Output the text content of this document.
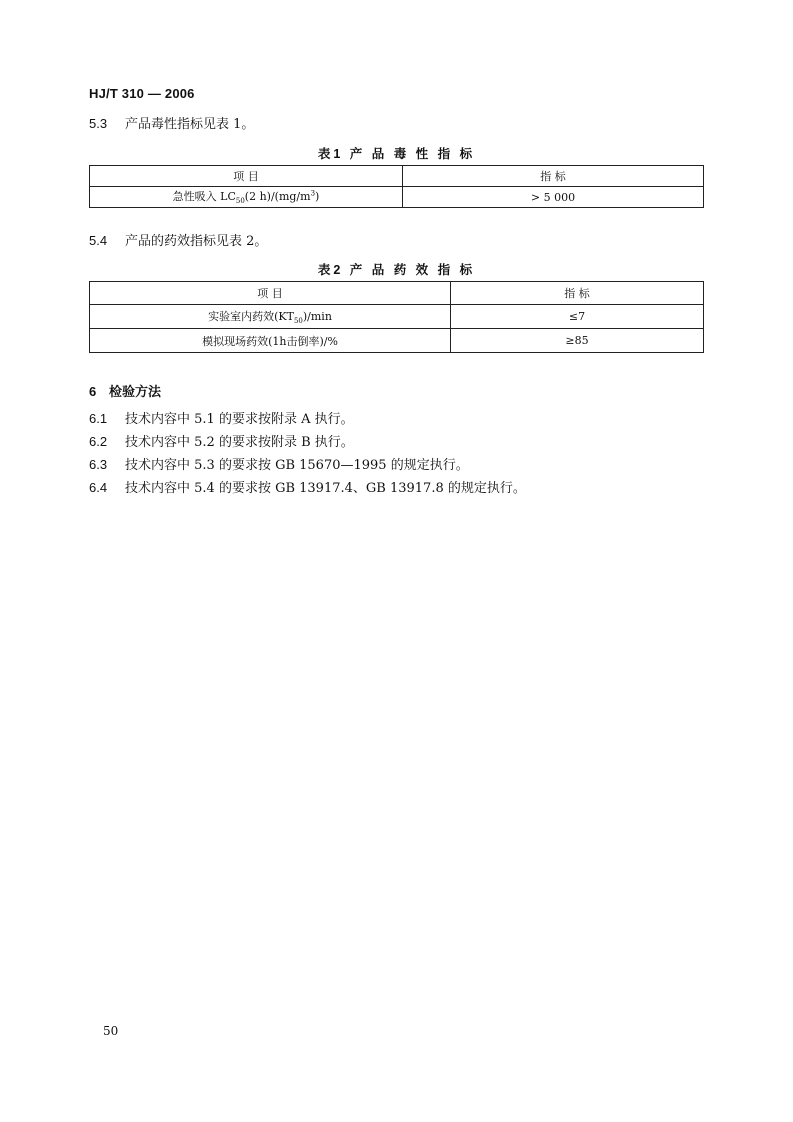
HJ/T 310 — 2006
5.3 产品毒性指标见表 1。
表1 产 品 毒 性 指 标
项 目	指 标
急性吸入 $LC_{50}(2$ $h)/(mg/m^3)$	> 5 000
5.4 产品的药效指标见表 2。
表2 产 品 药 效 指 标
项 目	指 标
实验室内药效$(KT_{50})/\min$	≤7
模拟现场药效(1h击倒率)/%	≥85
6 检验方法
6.1 技术内容中 5.1 的要求按附录 A 执行。
6.2 技术内容中 5.2 的要求按附录 B 执行。
6.3 技术内容中 5.3 的要求按 GB 15670—1995 的规定执行。
6.4 技术内容中 5.4 的要求按 GB 13917.4、GB 13917.8 的规定执行。
50
